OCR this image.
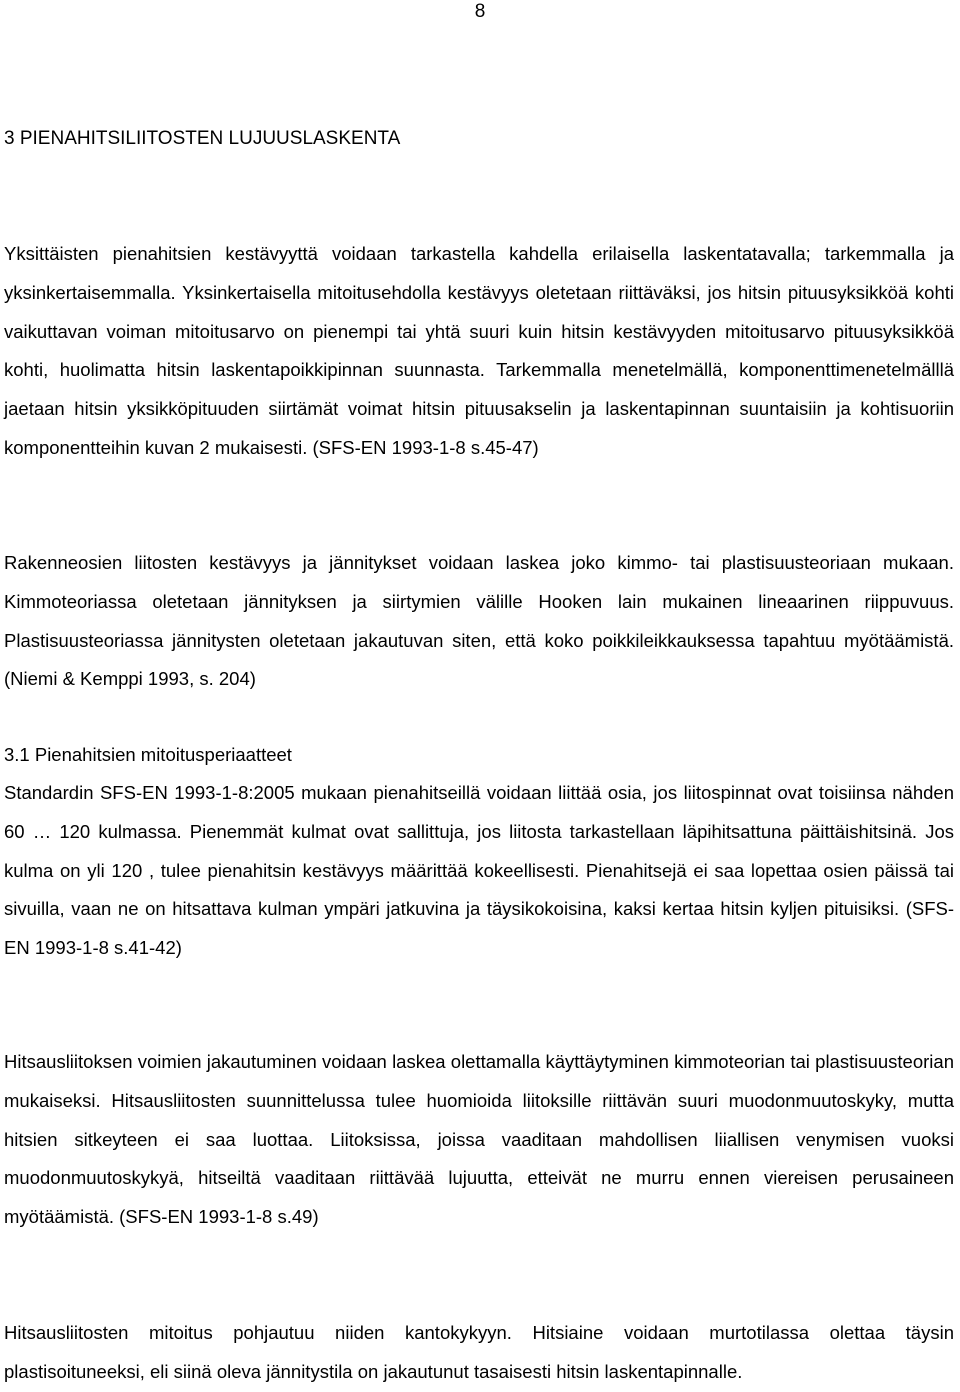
8
3 PIENAHITSILIITOSTEN LUJUUSLASKENTA

Yksittäisten pienahitsien kestävyyttä voidaan tarkastella kahdella erilaisella laskentatavalla; tarkemmalla ja yksinkertaisemmalla. Yksinkertaisella mitoitusehdolla kestävyys oletetaan riittäväksi, jos hitsin pituusyksikköä kohti vaikuttavan voiman mitoitusarvo on pienempi tai yhtä suuri kuin hitsin kestävyyden mitoitusarvo pituusyksikköä kohti, huolimatta hitsin laskentapoikkipinnan suunnasta. Tarkemmalla menetelmällä, komponenttimenetelmälllä jaetaan hitsin yksikköpituuden siirtämät voimat hitsin pituusakselin ja laskentapinnan suuntaisiin ja kohtisuoriin komponentteihin kuvan 2 mukaisesti. (SFS-EN 1993-1-8 s.45-47)

Rakenneosien liitosten kestävyys ja jännitykset voidaan laskea joko kimmo- tai plastisuusteoriaan mukaan. Kimmoteoriassa oletetaan jännityksen ja siirtymien välille Hooken lain mukainen lineaarinen riippuvuus. Plastisuusteoriassa jännitysten oletetaan jakautuvan siten, että koko poikkileikkauksessa tapahtuu myötäämistä. (Niemi & Kemppi 1993, s. 204)

3.1 Pienahitsien mitoitusperiaatteet

Standardin SFS-EN 1993-1-8:2005 mukaan pienahitseillä voidaan liittää osia, jos liitospinnat ovat toisiinsa nähden 60 … 120 kulmassa. Pienemmät kulmat ovat sallittuja, jos liitosta tarkastellaan läpihitsattuna päittäishitsinä. Jos kulma on yli 120 , tulee pienahitsin kestävyys määrittää kokeellisesti. Pienahitsejä ei saa lopettaa osien päissä tai sivuilla, vaan ne on hitsattava kulman ympäri jatkuvina ja täysikokoisina, kaksi kertaa hitsin kyljen pituisiksi. (SFS-EN 1993-1-8 s.41-42)

Hitsausliitoksen voimien jakautuminen voidaan laskea olettamalla käyttäytyminen kimmoteorian tai plastisuusteorian mukaiseksi. Hitsausliitosten suunnittelussa tulee huomioida liitoksille riittävän suuri muodonmuutoskyky, mutta hitsien sitkeyteen ei saa luottaa. Liitoksissa, joissa vaaditaan mahdollisen liiallisen venymisen vuoksi muodonmuutoskykyä, hitseiltä vaaditaan riittävää lujuutta, etteivät ne murru ennen viereisen perusaineen myötäämistä. (SFS-EN 1993-1-8 s.49)

Hitsausliitosten mitoitus pohjautuu niiden kantokykyyn. Hitsiaine voidaan murtotilassa olettaa täysin plastisoituneeksi, eli siinä oleva jännitystila on jakautunut tasaisesti hitsin laskentapinnalle.
